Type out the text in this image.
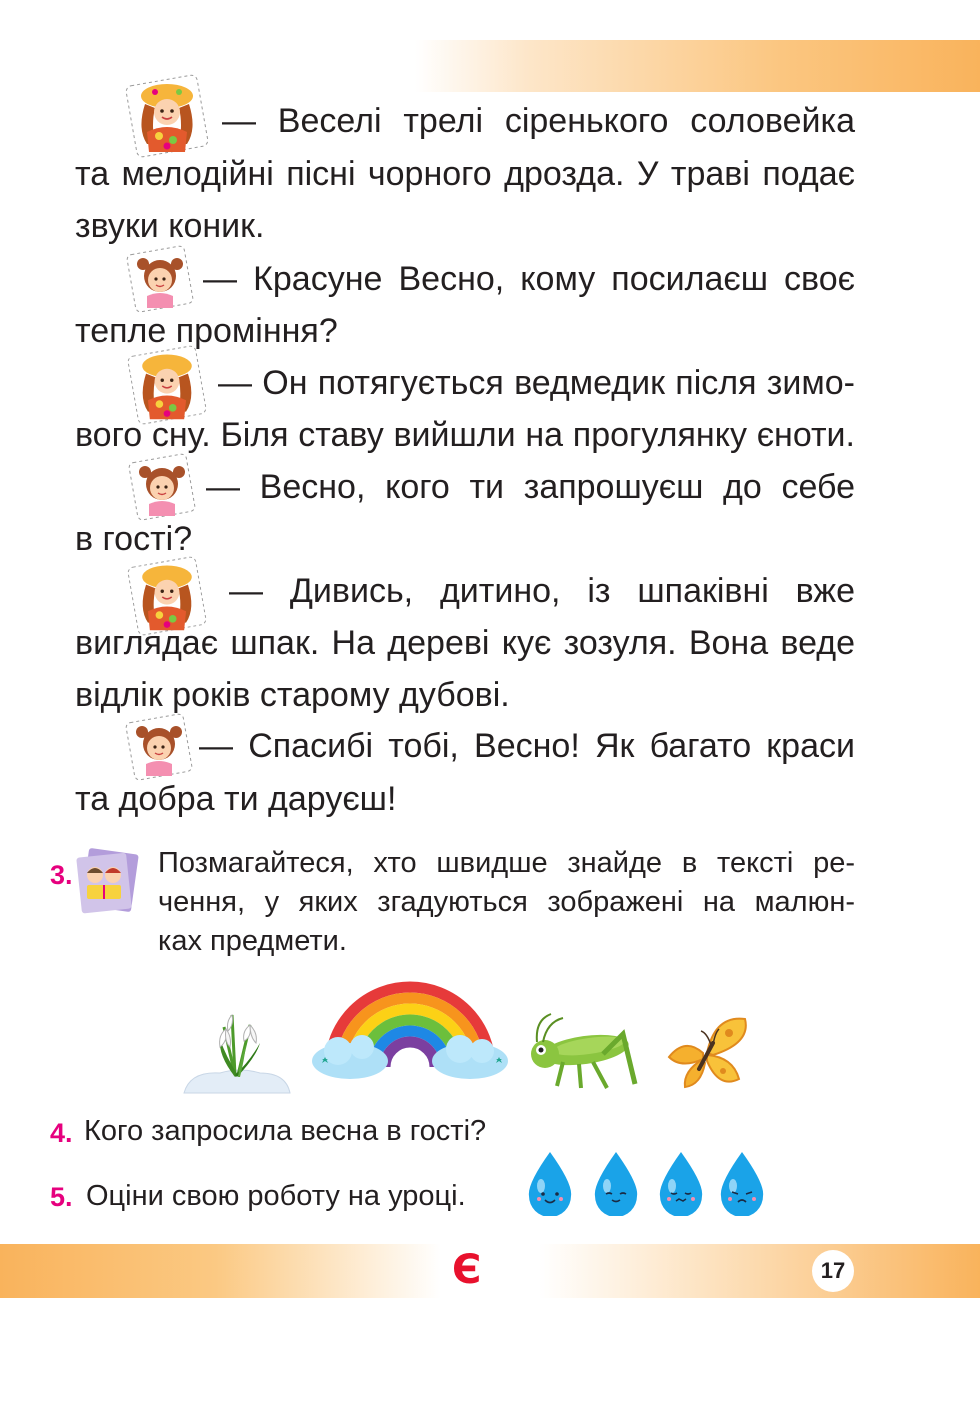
— Веселі трелі сіренького соловейка
та мелодійні пісні чорного дрозда. У траві подає
звуки коник.
— Красуне Весно, кому посилаєш своє
тепле проміння?
— Он потягується ведмедик після зимо-
вого сну. Біля ставу вийшли на прогулянку єноти.
— Весно, кого ти запрошуєш до себе
в гості?
— Дивись, дитино, із шпаківні вже
виглядає шпак. На дереві кує зозуля. Вона веде
відлік років старому дубові.
— Спасибі тобі, Весно! Як багато краси
та добра ти даруєш!
3.	Позмагайтеся, хто швидше знайде в тексті ре-
чення, у яких згадуються зображені на малюн-
ках предмети.
4. Кого запросила весна в гості?
5. Оціни свою роботу на уроці.
Є	17
